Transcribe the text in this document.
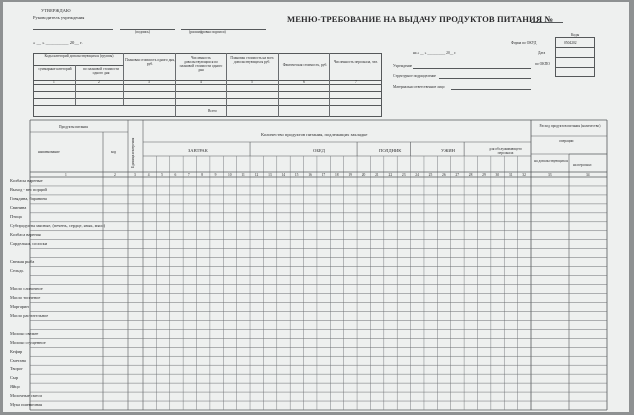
УТВЕРЖДАЮ
Руководитель учреждения
(подпись)	(расшифровка подписи)
« __ » __________ 20__ г.
МЕНЮ-ТРЕБОВАНИЕ НА ВЫДАЧУ ПРОДУКТОВ ПИТАНИЯ №
Коды
0504202
Форма по ОКУД
Дата
по ОКПО
на « __ » __________ 20__ г.
Учреждение
Структурное подразделение
Материально ответственное лицо
Коды категорий довольствующихся (группы)
суммарные категорий	по плановой стоимости одного дня
Плановая стоимость одного дня, руб.
Численность довольствующихся по плановой стоимости одного дня
Плановая стоимость на всех довольствующихся руб.
Фактическая стоимость, руб.
Численность персонала, чел.
1	2	3	4	5	6	7
Всего
Продукты питания
наименование	код	Единица измерения
Количество продуктов питания, подлежащих закладке
ЗАВТРАК	ОБЕД	ПОЛДНИК	УЖИН	для обслуживающего персонала
Расход продуктов питания (количество)
операции
на довольствующихся
на персонал
Колбасы вареные
Выход - вес порций
Говядина, баранина
Свинина
Птица
Субпродукты мясные, (печень, сердце, язык, мясо)
Колбаса вареная
Сардельки, сосиски
Свежая рыба
Сельдь
Масло сливочное
Масло топленое
Маргарин
Масло растительное
Молоко свежее
Молоко сгущенное
Кефир
Сметана
Творог
Сыр
Яйцо
Молочные смеси
Мука пшеничная
1	2	3	4	5	6	7	8	9	10	11	12	13	14	15	16	17	18	19	20	21	22	23	24	25	26	27	28	29	30	31	32	33	34
